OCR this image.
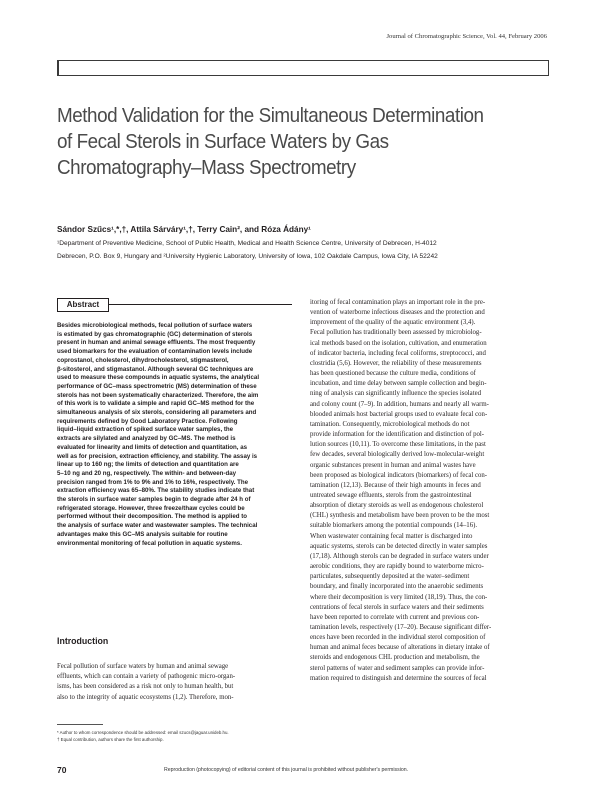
Journal of Chromatographic Science, Vol. 44, February 2006
Method Validation for the Simultaneous Determination
of Fecal Sterols in Surface Waters by Gas
Chromatography–Mass Spectrometry
Sándor Szűcs¹,*,†, Attila Sárváry¹,†, Terry Cain², and Róza Ádány¹
¹Department of Preventive Medicine, School of Public Health, Medical and Health Science Centre, University of Debrecen, H-4012
Debrecen, P.O. Box 9, Hungary and ²University Hygienic Laboratory, University of Iowa, 102 Oakdale Campus, Iowa City, IA 52242
Abstract
Besides microbiological methods, fecal pollution of surface waters
is estimated by gas chromatographic (GC) determination of sterols
present in human and animal sewage effluents. The most frequently
used biomarkers for the evaluation of contamination levels include
coprostanol, cholesterol, dihydrocholesterol, stigmasterol,
β-sitosterol, and stigmastanol. Although several GC techniques are
used to measure these compounds in aquatic systems, the analytical
performance of GC–mass spectrometric (MS) determination of these
sterols has not been systematically characterized. Therefore, the aim
of this work is to validate a simple and rapid GC–MS method for the
simultaneous analysis of six sterols, considering all parameters and
requirements defined by Good Laboratory Practice. Following
liquid–liquid extraction of spiked surface water samples, the
extracts are silylated and analyzed by GC–MS. The method is
evaluated for linearity and limits of detection and quantitation, as
well as for precision, extraction efficiency, and stability. The assay is
linear up to 160 ng; the limits of detection and quantitation are
5–10 ng and 20 ng, respectively. The within- and between-day
precision ranged from 1% to 9% and 1% to 16%, respectively. The
extraction efficiency was 65–80%. The stability studies indicate that
the sterols in surface water samples begin to degrade after 24 h of
refrigerated storage. However, three freeze/thaw cycles could be
performed without their decomposition. The method is applied to
the analysis of surface water and wastewater samples. The technical
advantages make this GC–MS analysis suitable for routine
environmental monitoring of fecal pollution in aquatic systems.
Introduction
Fecal pollution of surface waters by human and animal sewage
effluents, which can contain a variety of pathogenic micro-organ-
isms, has been considered as a risk not only to human health, but
also to the integrity of aquatic ecosystems (1,2). Therefore, mon-
* Author to whom correspondence should be addressed: email szucs@jaguar.unideb.hu.
† Equal contribution, authors share the first authorship.
itoring of fecal contamination plays an important role in the pre-
vention of waterborne infectious diseases and the protection and
improvement of the quality of the aquatic environment (3,4).
Fecal pollution has traditionally been assessed by microbiolog-
ical methods based on the isolation, cultivation, and enumeration
of indicator bacteria, including fecal coliforms, streptococci, and
clostridia (5,6). However, the reliability of these measurements
has been questioned because the culture media, conditions of
incubation, and time delay between sample collection and begin-
ning of analysis can significantly influence the species isolated
and colony count (7–9). In addition, humans and nearly all warm-
blooded animals host bacterial groups used to evaluate fecal con-
tamination. Consequently, microbiological methods do not
provide information for the identification and distinction of pol-
lution sources (10,11). To overcome these limitations, in the past
few decades, several biologically derived low-molecular-weight
organic substances present in human and animal wastes have
been proposed as biological indicators (biomarkers) of fecal con-
tamination (12,13). Because of their high amounts in feces and
untreated sewage effluents, sterols from the gastrointestinal
absorption of dietary steroids as well as endogenous cholesterol
(CHL) synthesis and metabolism have been proven to be the most
suitable biomarkers among the potential compounds (14–16).
When wastewater containing fecal matter is discharged into
aquatic systems, sterols can be detected directly in water samples
(17,18). Although sterols can be degraded in surface waters under
aerobic conditions, they are rapidly bound to waterborne micro-
particulates, subsequently deposited at the water–sediment
boundary, and finally incorporated into the anaerobic sediments
where their decomposition is very limited (18,19). Thus, the con-
centrations of fecal sterols in surface waters and their sediments
have been reported to correlate with current and previous con-
tamination levels, respectively (17–20). Because significant differ-
ences have been recorded in the individual sterol composition of
human and animal feces because of alterations in dietary intake of
steroids and endogenous CHL production and metabolism, the
sterol patterns of water and sediment samples can provide infor-
mation required to distinguish and determine the sources of fecal
70	Reproduction (photocopying) of editorial content of this journal is prohibited without publisher's permission.
